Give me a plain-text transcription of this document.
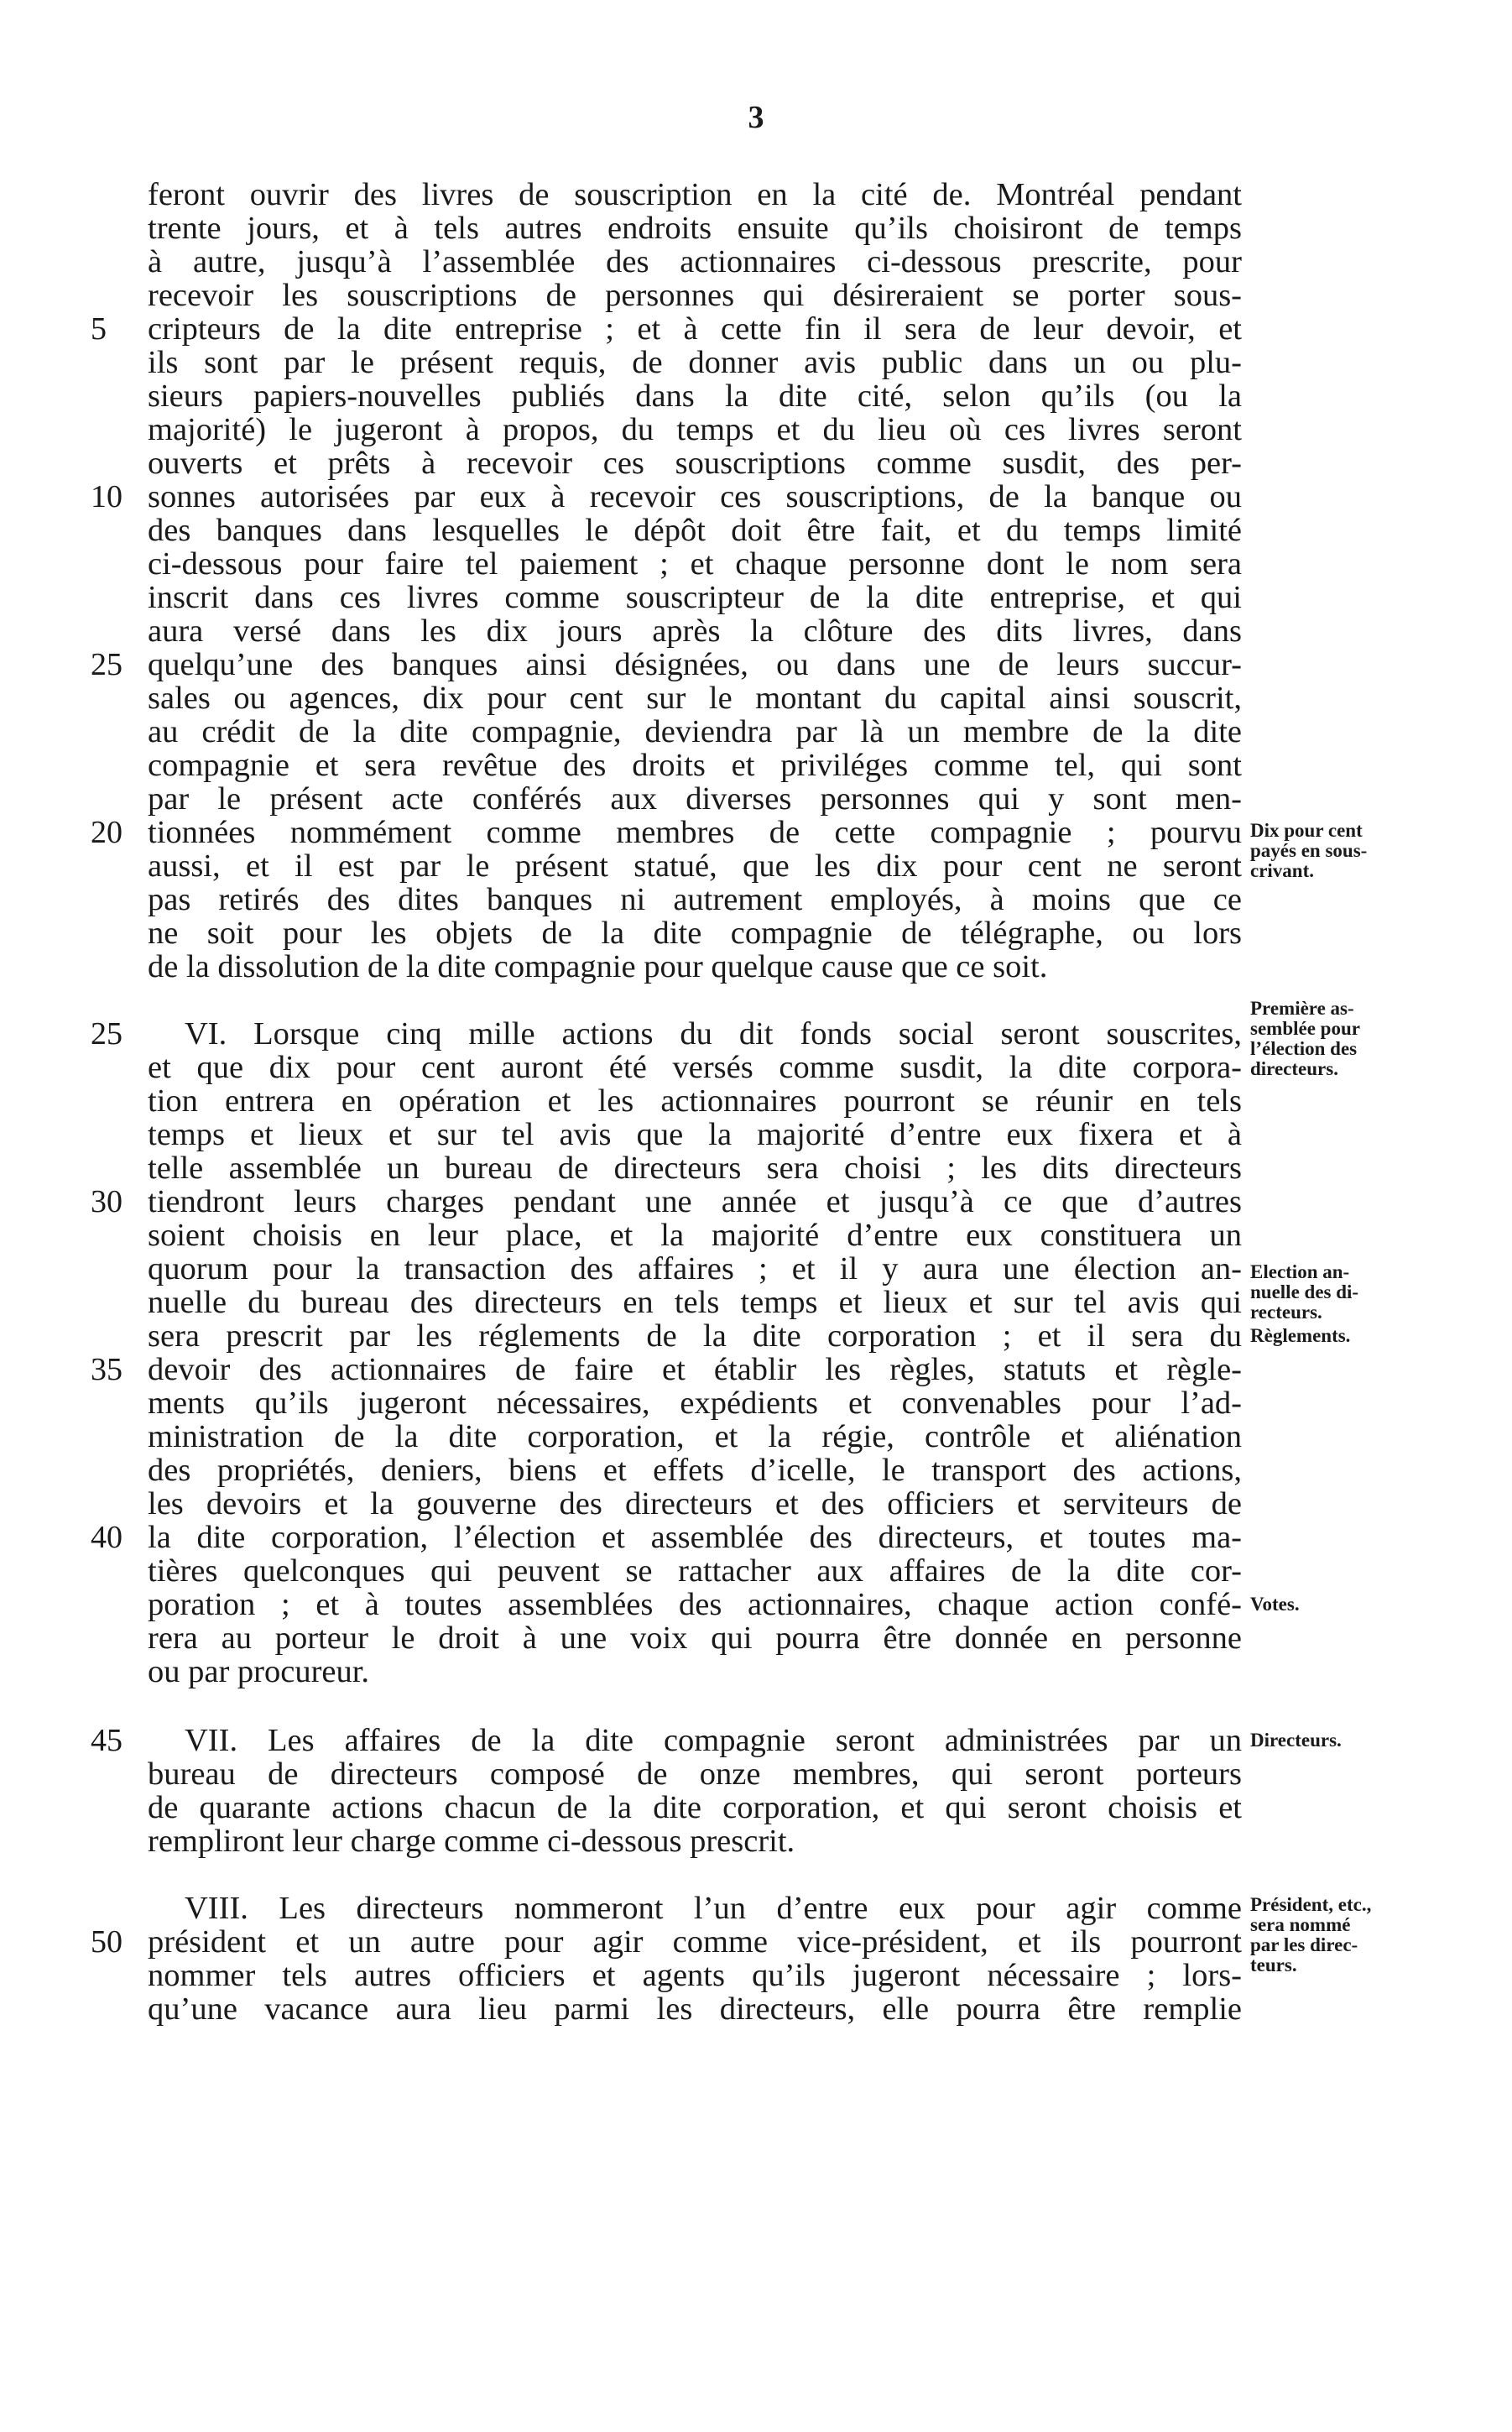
3
feront ouvrir des livres de souscription en la cité de. Montréal pendant
trente jours, et à tels autres endroits ensuite qu’ils choisiront de temps
à autre, jusqu’à l’assemblée des actionnaires ci-dessous prescrite, pour
recevoir les souscriptions de personnes qui désireraient se porter sous-
cripteurs de la dite entreprise ; et à cette fin il sera de leur devoir, et
ils sont par le présent requis, de donner avis public dans un ou plu-
sieurs papiers-nouvelles publiés dans la dite cité, selon qu’ils (ou la
majorité) le jugeront à propos, du temps et du lieu où ces livres seront
ouverts et prêts à recevoir ces souscriptions comme susdit, des per-
sonnes autorisées par eux à recevoir ces souscriptions, de la banque ou
des banques dans lesquelles le dépôt doit être fait, et du temps limité
ci-dessous pour faire tel paiement ; et chaque personne dont le nom sera
inscrit dans ces livres comme souscripteur de la dite entreprise, et qui
aura versé dans les dix jours après la clôture des dits livres, dans
quelqu’une des banques ainsi désignées, ou dans une de leurs succur-
sales ou agences, dix pour cent sur le montant du capital ainsi souscrit,
au crédit de la dite compagnie, deviendra par là un membre de la dite
compagnie et sera revêtue des droits et priviléges comme tel, qui sont
par le présent acte conférés aux diverses personnes qui y sont men-
tionnées nommément comme membres de cette compagnie ; pourvu
aussi, et il est par le présent statué, que les dix pour cent ne seront
pas retirés des dites banques ni autrement employés, à moins que ce
ne soit pour les objets de la dite compagnie de télégraphe, ou lors
de la dissolution de la dite compagnie pour quelque cause que ce soit.
VI. Lorsque cinq mille actions du dit fonds social seront souscrites,
et que dix pour cent auront été versés comme susdit, la dite corpora-
tion entrera en opération et les actionnaires pourront se réunir en tels
temps et lieux et sur tel avis que la majorité d’entre eux fixera et à
telle assemblée un bureau de directeurs sera choisi ; les dits directeurs
tiendront leurs charges pendant une année et jusqu’à ce que d’autres
soient choisis en leur place, et la majorité d’entre eux constituera un
quorum pour la transaction des affaires ; et il y aura une élection an-
nuelle du bureau des directeurs en tels temps et lieux et sur tel avis qui
sera prescrit par les réglements de la dite corporation ; et il sera du
devoir des actionnaires de faire et établir les règles, statuts et règle-
ments qu’ils jugeront nécessaires, expédients et convenables pour l’ad-
ministration de la dite corporation, et la régie, contrôle et aliénation
des propriétés, deniers, biens et effets d’icelle, le transport des actions,
les devoirs et la gouverne des directeurs et des officiers et serviteurs de
la dite corporation, l’élection et assemblée des directeurs, et toutes ma-
tières quelconques qui peuvent se rattacher aux affaires de la dite cor-
poration ; et à toutes assemblées des actionnaires, chaque action confé-
rera au porteur le droit à une voix qui pourra être donnée en personne
ou par procureur.
VII. Les affaires de la dite compagnie seront administrées par un
bureau de directeurs composé de onze membres, qui seront porteurs
de quarante actions chacun de la dite corporation, et qui seront choisis et
rempliront leur charge comme ci-dessous prescrit.
VIII. Les directeurs nommeront l’un d’entre eux pour agir comme
président et un autre pour agir comme vice-président, et ils pourront
nommer tels autres officiers et agents qu’ils jugeront nécessaire ; lors-
qu’une vacance aura lieu parmi les directeurs, elle pourra être remplie
5
10
25
20
25
30
35
40
45
50
Dix pour cent
payés en sous-
crivant.
Première as-
semblée pour
l’élection des
directeurs.
Election an-
nuelle des di-
recteurs.
Règlements.
Votes.
Directeurs.
Président, etc.,
sera nommé
par les direc-
teurs.
